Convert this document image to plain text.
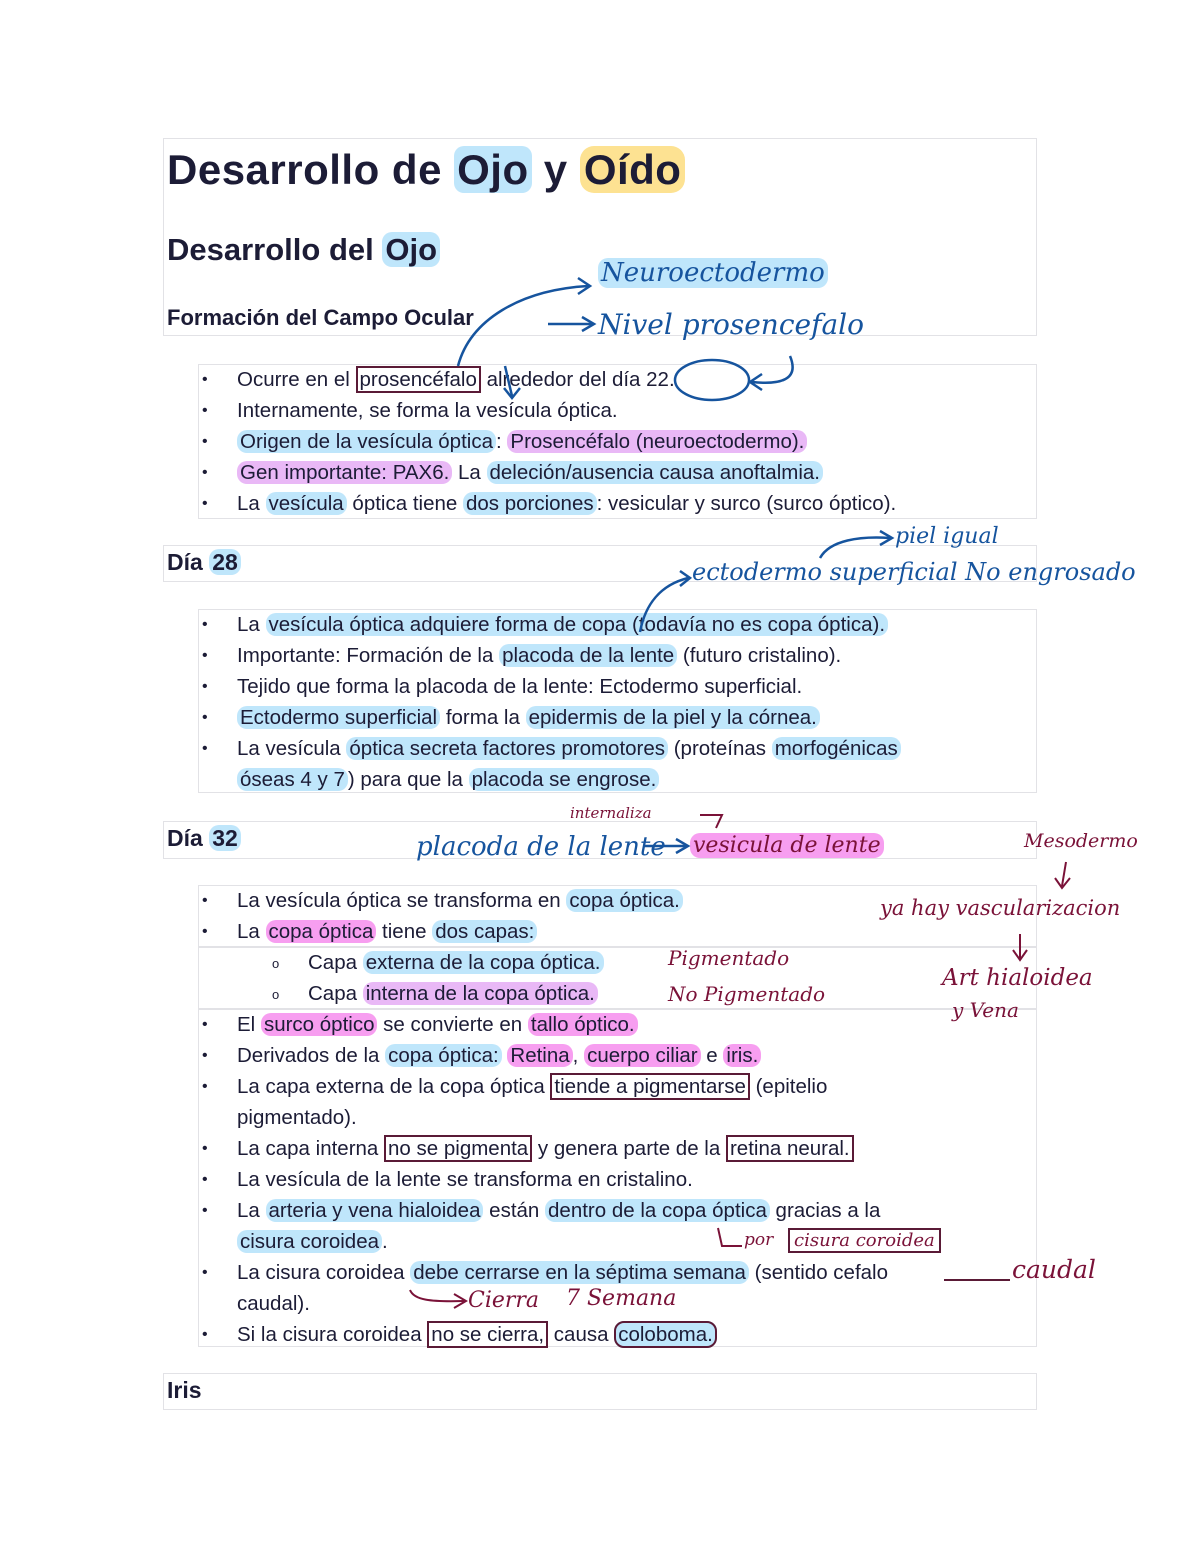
Desarrollo de Ojo y Oído
Desarrollo del Ojo
Formación del Campo Ocular
• Ocurre en el prosencéfalo alrededor del día 22.
• Internamente, se forma la vesícula óptica.
• Origen de la vesícula óptica : Prosencéfalo (neuroectodermo).
• Gen importante: PAX6. La deleción/ausencia causa anoftalmia.
• La vesícula óptica tiene dos porciones : vesicular y surco (surco óptico).
Día 28
• La vesícula óptica adquiere forma de copa (todavía no es copa óptica).
• Importante: Formación de la placoda de la lente (futuro cristalino).
• Tejido que forma la placoda de la lente: Ectodermo superficial.
• Ectodermo superficial forma la epidermis de la piel y la córnea.
• La vesícula óptica secreta factores promotores (proteínas morfogénicas
óseas 4 y 7 ) para que la placoda se engrose.
Día 32
• La vesícula óptica se transforma en copa óptica.
• La copa óptica tiene dos capas:
o Capa externa de la copa óptica.
o Capa interna de la copa óptica.
• El surco óptico se convierte en tallo óptico.
• Derivados de la copa óptica: Retina , cuerpo ciliar e iris.
• La capa externa de la copa óptica tiende a pigmentarse (epitelio
pigmentado).
• La capa interna no se pigmenta y genera parte de la retina neural.
• La vesícula de la lente se transforma en cristalino.
• La arteria y vena hialoidea están dentro de la copa óptica gracias a la
cisura coroidea .
• La cisura coroidea debe cerrarse en la séptima semana (sentido cefalo
caudal).
• Si la cisura coroidea no se cierra, causa coloboma.
Iris
Neuroectodermo
Nivel prosencefalo
piel igual
ectodermo superficial No engrosado
internaliza
placoda de la lente vesicula de lente	Mesodermo
ya hay vascularizacion
Art hialoidea
y Vena
Pigmentado
No Pigmentado
por	cisura coroidea
caudal
Cierra 7 Semana
